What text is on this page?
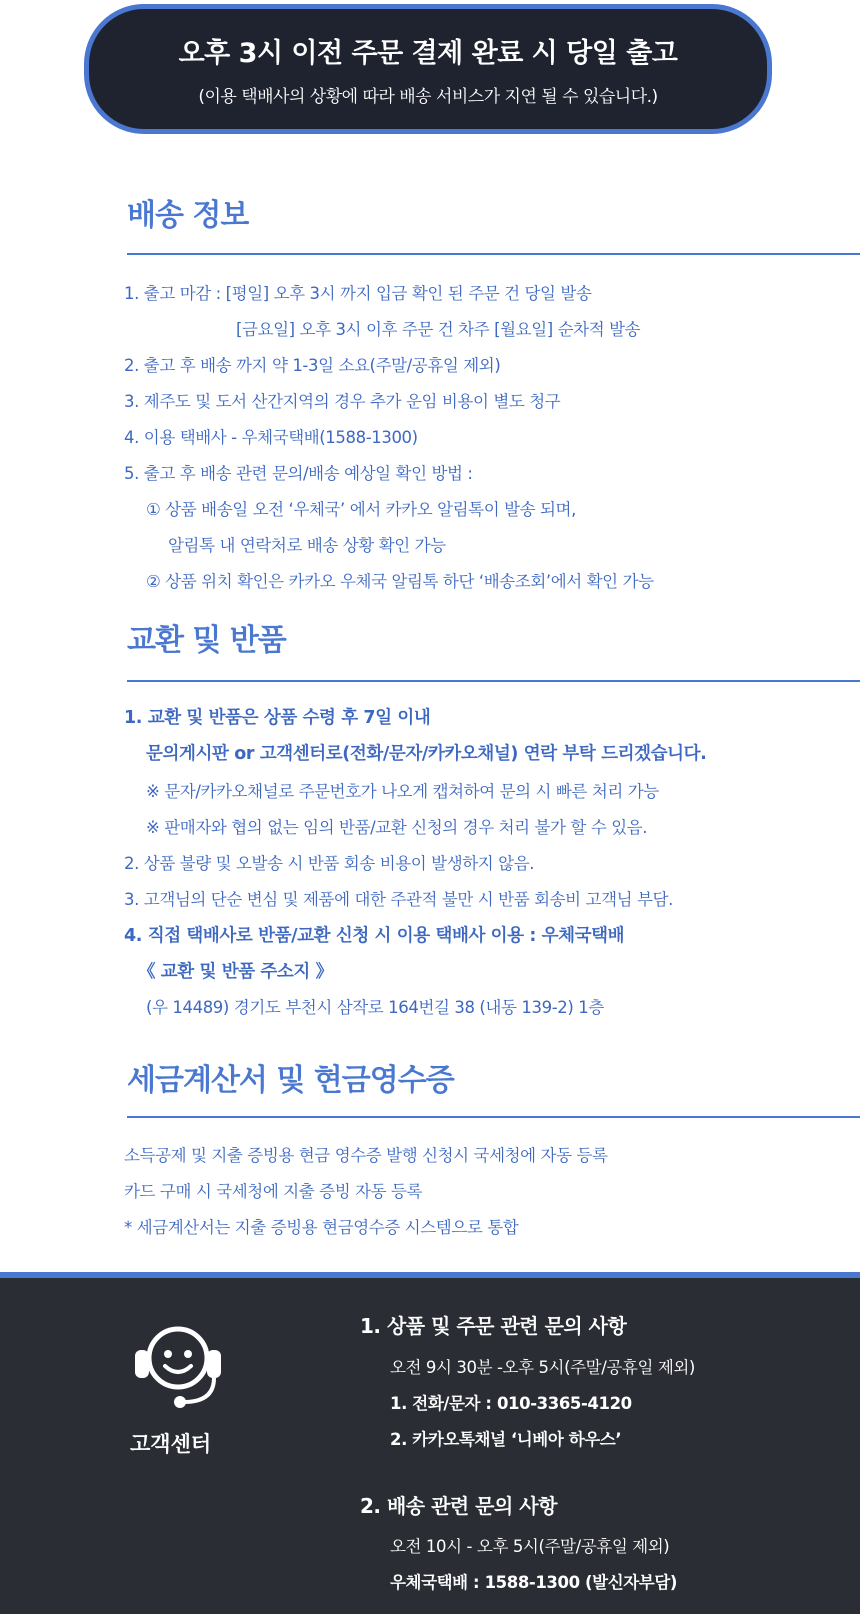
오후 3시 이전 주문 결제 완료 시 당일 출고
(이용 택배사의 상황에 따라 배송 서비스가 지연 될 수 있습니다.)
배송 정보
1. 출고 마감 : [평일] 오후 3시 까지 입금 확인 된 주문 건 당일 발송
[금요일] 오후 3시 이후 주문 건 차주 [월요일] 순차적 발송
2. 출고 후 배송 까지 약 1-3일 소요(주말/공휴일 제외)
3. 제주도 및 도서 산간지역의 경우 추가 운임 비용이 별도 청구
4. 이용 택배사 - 우체국택배(1588-1300)
5. 출고 후 배송 관련 문의/배송 예상일 확인 방법 :
① 상품 배송일 오전 ‘우체국’ 에서 카카오 알림톡이 발송 되며,
알림톡 내 연락처로 배송 상황 확인 가능
② 상품 위치 확인은 카카오 우체국 알림톡 하단 ‘배송조회’에서 확인 가능
교환 및 반품
1. 교환 및 반품은 상품 수령 후 7일 이내
문의게시판 or 고객센터로(전화/문자/카카오채널) 연락 부탁 드리겠습니다.
※ 문자/카카오채널로 주문번호가 나오게 캡쳐하여 문의 시 빠른 처리 가능
※ 판매자와 협의 없는 임의 반품/교환 신청의 경우 처리 불가 할 수 있음.
2. 상품 불량 및 오발송 시 반품 회송 비용이 발생하지 않음.
3. 고객님의 단순 변심 및 제품에 대한 주관적 불만 시 반품 회송비 고객님 부담.
4. 직접 택배사로 반품/교환 신청 시 이용 택배사 이용 : 우체국택배
《 교환 및 반품 주소지 》
(우 14489) 경기도 부천시 삼작로 164번길 38 (내동 139-2) 1층
세금계산서 및 현금영수증
소득공제 및 지출 증빙용 현금 영수증 발행 신청시 국세청에 자동 등록
카드 구매 시 국세청에 지출 증빙 자동 등록
* 세금계산서는 지출 증빙용 현금영수증 시스템으로 통합
고객센터
1. 상품 및 주문 관련 문의 사항
오전 9시 30분 -오후 5시(주말/공휴일 제외)
1. 전화/문자 : 010-3365-4120
2. 카카오톡채널 ‘니베아 하우스’
2. 배송 관련 문의 사항
오전 10시 - 오후 5시(주말/공휴일 제외)
우체국택배 : 1588-1300 (발신자부담)
